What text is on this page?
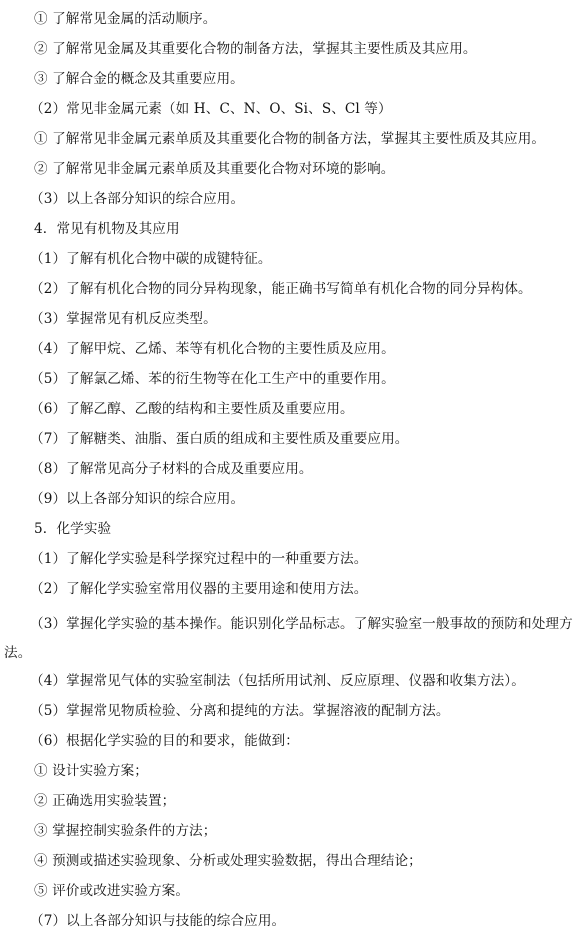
① 了解常见金属的活动顺序。
② 了解常见金属及其重要化合物的制备方法，掌握其主要性质及其应用。
③ 了解合金的概念及其重要应用。
（2）常见非金属元素（如 H、C、N、O、Si、S、Cl 等）
① 了解常见非金属元素单质及其重要化合物的制备方法，掌握其主要性质及其应用。
② 了解常见非金属元素单质及其重要化合物对环境的影响。
（3）以上各部分知识的综合应用。
4．常见有机物及其应用
（1）了解有机化合物中碳的成键特征。
（2）了解有机化合物的同分异构现象，能正确书写简单有机化合物的同分异构体。
（3）掌握常见有机反应类型。
（4）了解甲烷、乙烯、苯等有机化合物的主要性质及应用。
（5）了解氯乙烯、苯的衍生物等在化工生产中的重要作用。
（6）了解乙醇、乙酸的结构和主要性质及重要应用。
（7）了解糖类、油脂、蛋白质的组成和主要性质及重要应用。
（8）了解常见高分子材料的合成及重要应用。
（9）以上各部分知识的综合应用。
5．化学实验
（1）了解化学实验是科学探究过程中的一种重要方法。
（2）了解化学实验室常用仪器的主要用途和使用方法。
（3）掌握化学实验的基本操作。能识别化学品标志。了解实验室一般事故的预防和处理方法。
（4）掌握常见气体的实验室制法（包括所用试剂、反应原理、仪器和收集方法）。
（5）掌握常见物质检验、分离和提纯的方法。掌握溶液的配制方法。
（6）根据化学实验的目的和要求，能做到：
① 设计实验方案；
② 正确选用实验装置；
③ 掌握控制实验条件的方法；
④ 预测或描述实验现象、分析或处理实验数据，得出合理结论；
⑤ 评价或改进实验方案。
（7）以上各部分知识与技能的综合应用。
